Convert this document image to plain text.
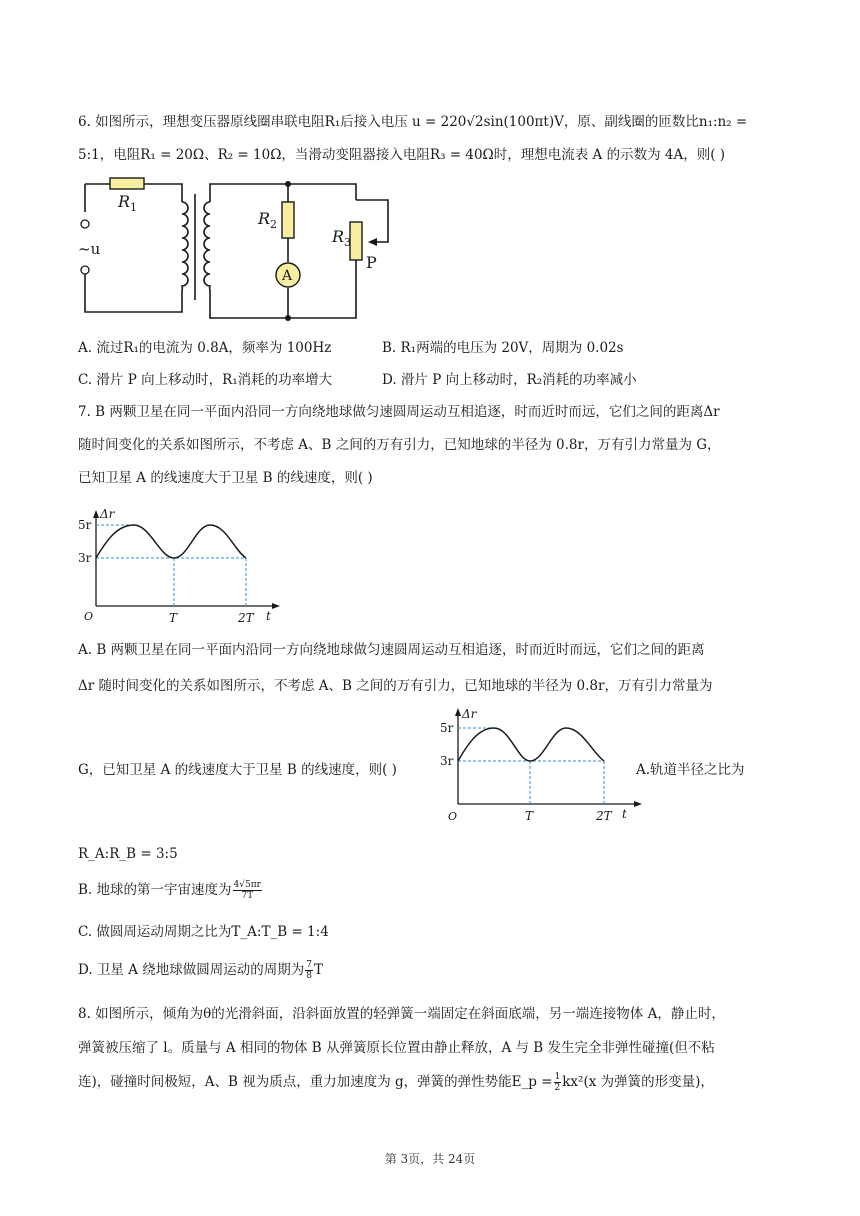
6. 如图所示，理想变压器原线圈串联电阻R₁后接入电压 u = 220√2sin(100πt)V，原、副线圈的匝数比n₁:n₂ =
5:1，电阻R₁ = 20Ω、R₂ = 10Ω，当滑动变阻器接入电阻R₃ = 40Ω时，理想电流表 A 的示数为 4A，则( )
A
R 1
R 2
R 3
~u
P
A. 流过R₁的电流为 0.8A，频率为 100Hz	B. R₁两端的电压为 20V，周期为 0.02s
C. 滑片 P 向上移动时，R₁消耗的功率增大	D. 滑片 P 向上移动时，R₂消耗的功率减小
7. B 两颗卫星在同一平面内沿同一方向绕地球做匀速圆周运动互相追逐，时而近时而远，它们之间的距离Δr
随时间变化的关系如图所示，不考虑 A、B 之间的万有引力，已知地球的半径为 0.8r，万有引力常量为 G，
已知卫星 A 的线速度大于卫星 B 的线速度，则( )
Δr
5r
3r
O	T	2T t
A. B 两颗卫星在同一平面内沿同一方向绕地球做匀速圆周运动互相追逐，时而近时而远，它们之间的距离
Δr 随时间变化的关系如图所示，不考虑 A、B 之间的万有引力，已知地球的半径为 0.8r，万有引力常量为
G，已知卫星 A 的线速度大于卫星 B 的线速度，则( )
Δr
5r
3r
O	T	2T t
A.轨道半径之比为
R_A:R_B = 3:5
B. 地球的第一宇宙速度为 $\frac{4√5\pi r}{7T}$
C. 做圆周运动周期之比为T_A:T_B = 1:4
D. 卫星 A 绕地球做圆周运动的周期为 $\frac{7}{8}$ T
8. 如图所示，倾角为θ的光滑斜面，沿斜面放置的轻弹簧一端固定在斜面底端，另一端连接物体 A，静止时，
弹簧被压缩了 l。质量与 A 相同的物体 B 从弹簧原长位置由静止释放，A 与 B 发生完全非弹性碰撞(但不粘
连)，碰撞时间极短，A、B 视为质点，重力加速度为 g，弹簧的弹性势能E_p = $\frac{1}{2} kx^2(x$ 为弹簧的形变量)，
第 3页，共 24页
